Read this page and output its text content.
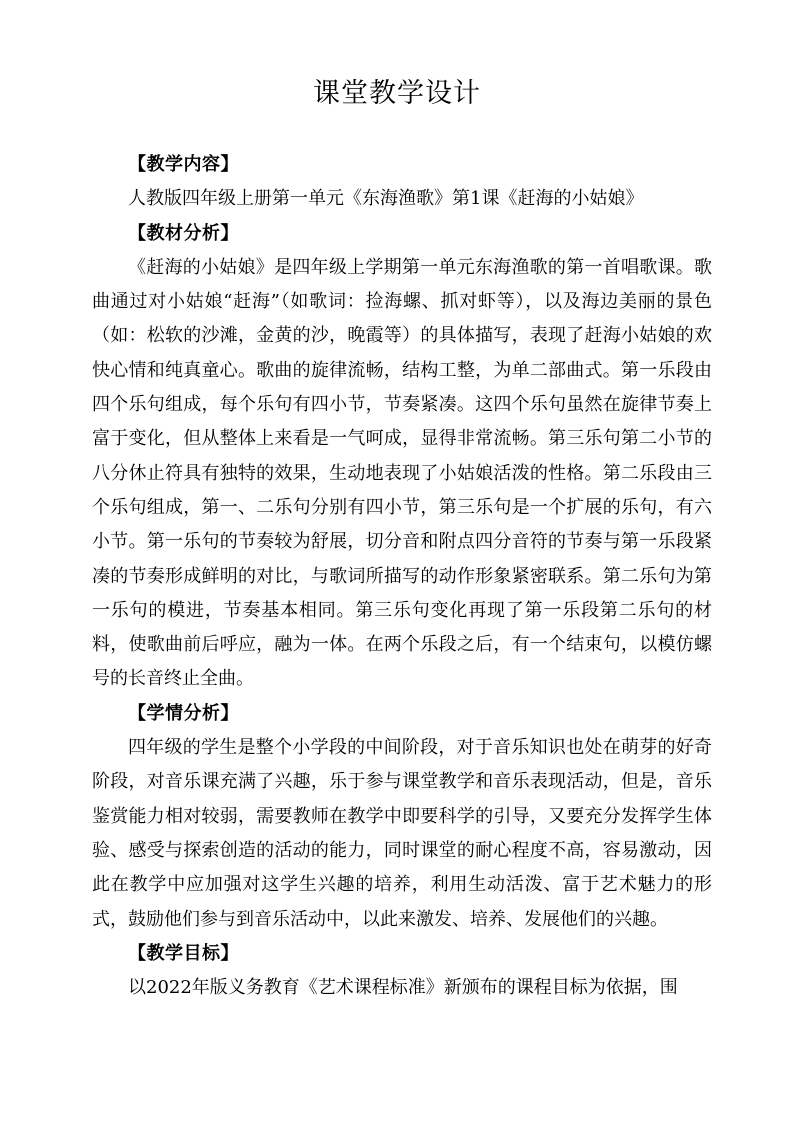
课堂教学设计

【教学内容】

人教版四年级上册第一单元《东海渔歌》第1课《赶海的小姑娘》

【教材分析】

《赶海的小姑娘》是四年级上学期第一单元东海渔歌的第一首唱歌课。歌曲通过对小姑娘“赶海”（如歌词：捡海螺、抓对虾等），以及海边美丽的景色（如：松软的沙滩，金黄的沙，晚霞等）的具体描写，表现了赶海小姑娘的欢快心情和纯真童心。歌曲的旋律流畅，结构工整，为单二部曲式。第一乐段由四个乐句组成，每个乐句有四小节，节奏紧凑。这四个乐句虽然在旋律节奏上富于变化，但从整体上来看是一气呵成，显得非常流畅。第三乐句第二小节的八分休止符具有独特的效果，生动地表现了小姑娘活泼的性格。第二乐段由三个乐句组成，第一、二乐句分别有四小节，第三乐句是一个扩展的乐句，有六小节。第一乐句的节奏较为舒展，切分音和附点四分音符的节奏与第一乐段紧凑的节奏形成鲜明的对比，与歌词所描写的动作形象紧密联系。第二乐句为第一乐句的模进，节奏基本相同。第三乐句变化再现了第一乐段第二乐句的材料，使歌曲前后呼应，融为一体。在两个乐段之后，有一个结束句，以模仿螺号的长音终止全曲。

【学情分析】

四年级的学生是整个小学段的中间阶段，对于音乐知识也处在萌芽的好奇阶段，对音乐课充满了兴趣，乐于参与课堂教学和音乐表现活动，但是，音乐鉴赏能力相对较弱，需要教师在教学中即要科学的引导，又要充分发挥学生体验、感受与探索创造的活动的能力，同时课堂的耐心程度不高，容易激动，因此在教学中应加强对这学生兴趣的培养，利用生动活泼、富于艺术魅力的形式，鼓励他们参与到音乐活动中，以此来激发、培养、发展他们的兴趣。

【教学目标】

以2022年版义务教育《艺术课程标准》新颁布的课程目标为依据，围
